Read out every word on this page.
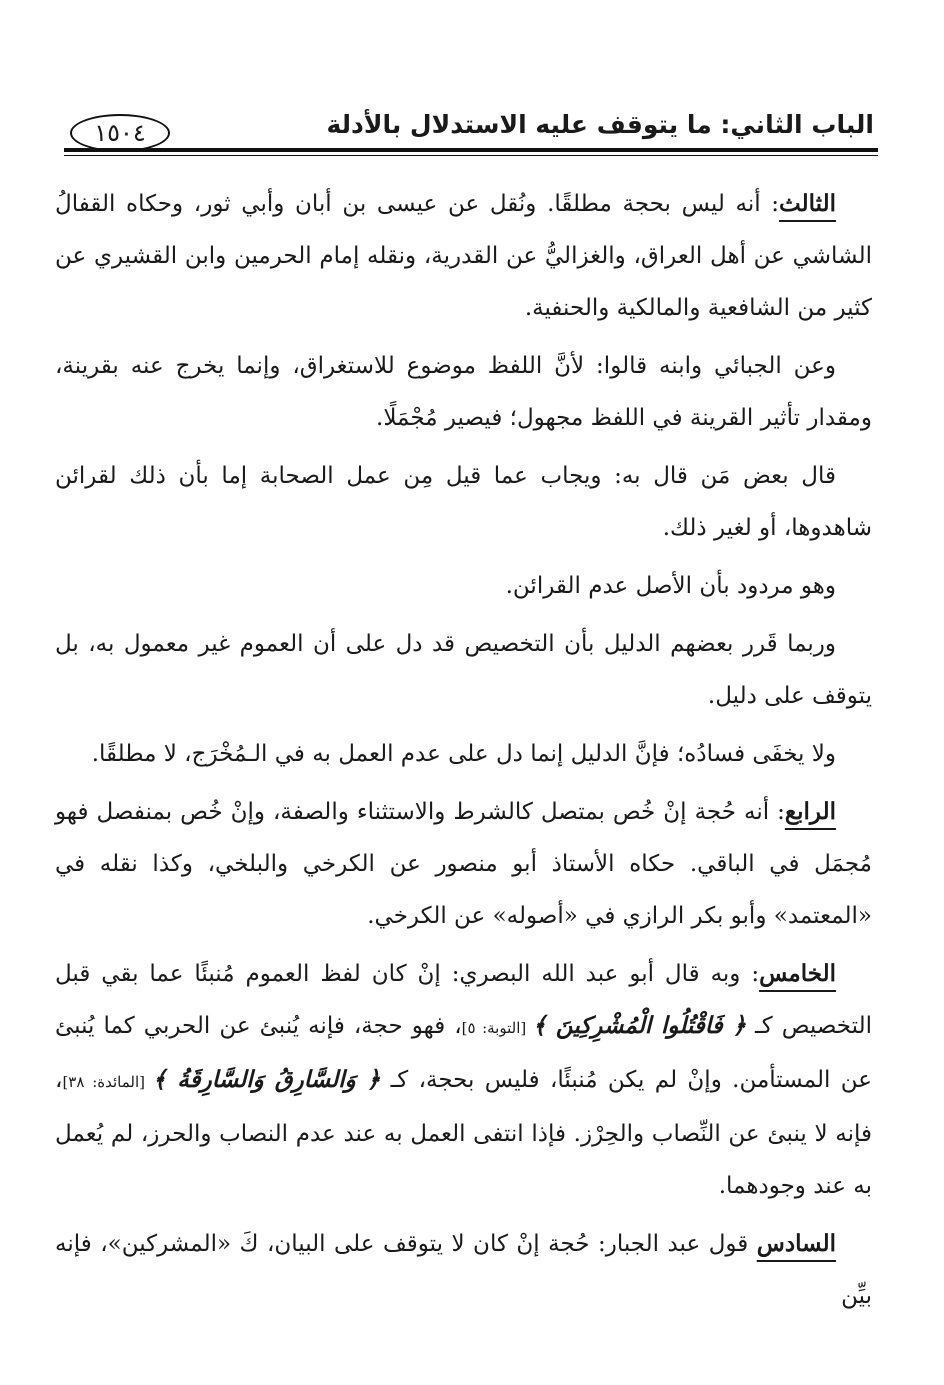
الباب الثاني: ما يتوقف عليه الاستدلال بالأدلة
١٥٠٤

الثالث: أنه ليس بحجة مطلقًا. ونُقل عن عيسى بن أبان وأبي ثور، وحكاه القفالُ الشاشي عن أهل العراق، والغزاليُّ عن القدرية، ونقله إمام الحرمين وابن القشيري عن كثير من الشافعية والمالكية والحنفية.

وعن الجبائي وابنه قالوا: لأنَّ اللفظ موضوع للاستغراق، وإنما يخرج عنه بقرينة، ومقدار تأثير القرينة في اللفظ مجهول؛ فيصير مُجْمَلًا.

قال بعض مَن قال به: ويجاب عما قيل مِن عمل الصحابة إما بأن ذلك لقرائن شاهدوها، أو لغير ذلك.

وهو مردود بأن الأصل عدم القرائن.

وربما قَرر بعضهم الدليل بأن التخصيص قد دل على أن العموم غير معمول به، بل يتوقف على دليل.

ولا يخفَى فسادُه؛ فإنَّ الدليل إنما دل على عدم العمل به في الـمُخْرَج، لا مطلقًا.

الرابع: أنه حُجة إنْ خُص بمتصل كالشرط والاستثناء والصفة، وإنْ خُص بمنفصل فهو مُجمَل في الباقي. حكاه الأستاذ أبو منصور عن الكرخي والبلخي، وكذا نقله في «المعتمد» وأبو بكر الرازي في «أصوله» عن الكرخي.

الخامس: وبه قال أبو عبد الله البصري: إنْ كان لفظ العموم مُنبئًا عما بقي قبل التخصيص كـ ﴿ فَاقْتُلُوا الْمُشْرِكِينَ ﴾ [التوبة: ٥]، فهو حجة، فإنه يُنبئ عن الحربي كما يُنبئ عن المستأمن. وإنْ لم يكن مُنبئًا، فليس بحجة، كـ ﴿ وَالسَّارِقُ وَالسَّارِقَةُ ﴾ [المائدة: ٣٨]، فإنه لا ينبئ عن النِّصاب والحِرْز. فإذا انتفى العمل به عند عدم النصاب والحرز، لم يُعمل به عند وجودهما.

السادس قول عبد الجبار: حُجة إنْ كان لا يتوقف على البيان، كَ «المشركين»، فإنه بيِّن
